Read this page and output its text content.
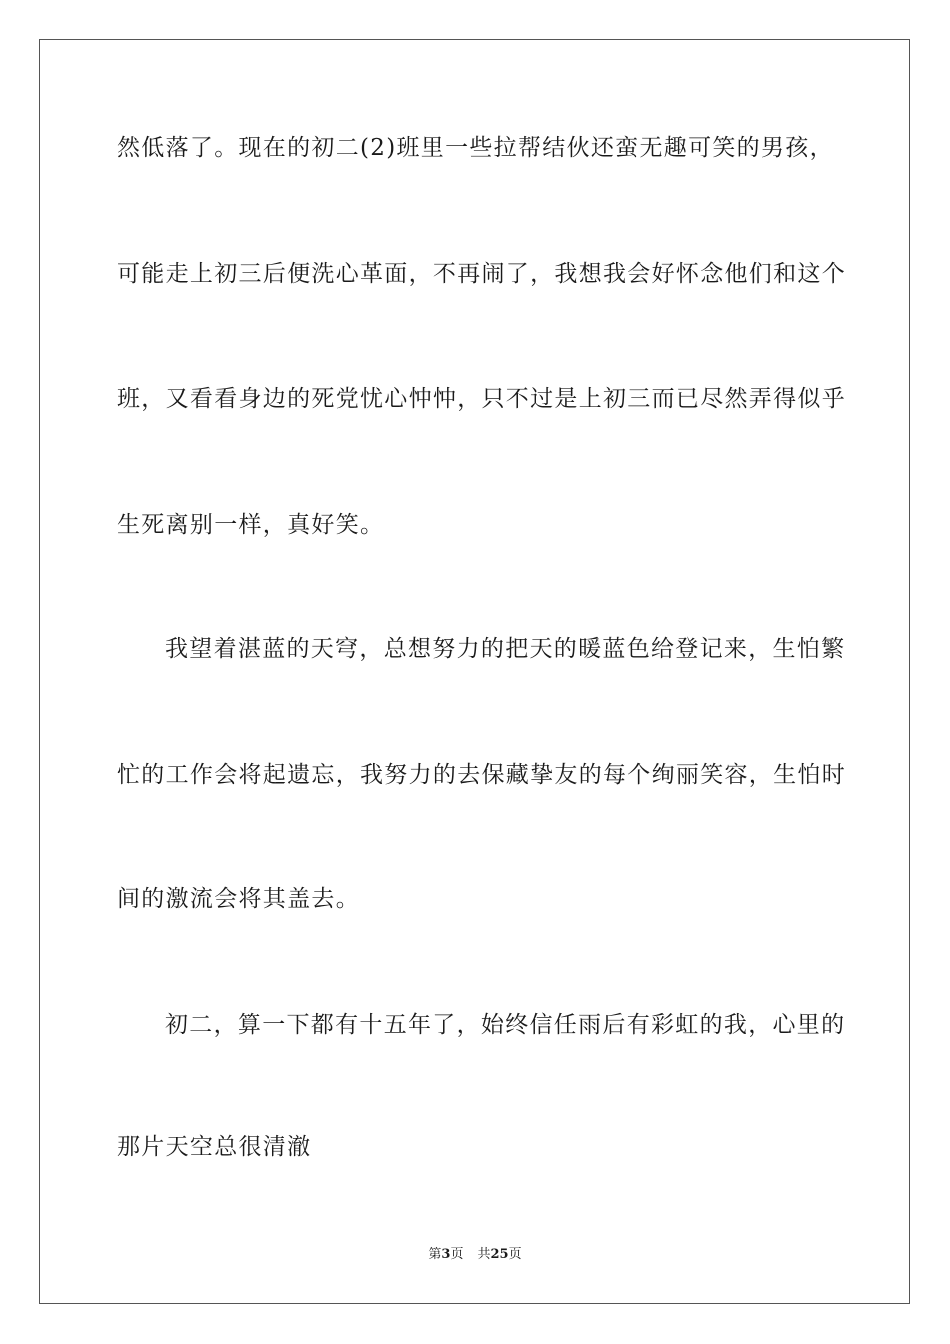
然低落了。现在的初二(2)班里一些拉帮结伙还蛮无趣可笑的男孩，
可能走上初三后便洗心革面，不再闹了，我想我会好怀念他们和这个
班，又看看身边的死党忧心忡忡，只不过是上初三而已尽然弄得似乎
生死离别一样，真好笑。
我望着湛蓝的天穹，总想努力的把天的暖蓝色给登记来，生怕繁
忙的工作会将起遗忘，我努力的去保藏挚友的每个绚丽笑容，生怕时
间的激流会将其盖去。
初二，算一下都有十五年了，始终信任雨后有彩虹的我，心里的
那片天空总很清澈
第3页 共25页
